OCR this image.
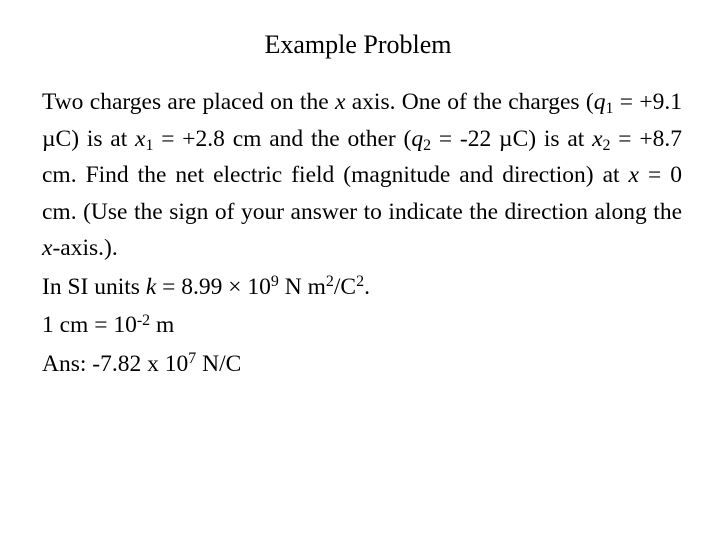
Example Problem

Two charges are placed on the x axis. One of the charges ($q_1 = +9.1$ µC) is at $x_1 = +2.8$ cm and the other ($q_2 = -22$ µC) is at $x_2 = +8.7$ cm. Find the net electric field (magnitude and direction) at x = 0 cm. (Use the sign of your answer to indicate the direction along the x-axis.).

In SI units $k = 8.99 \times 10^9$ N $m^2/C^2$.

1 cm = $10^{-2}$ m

Ans: -7.82 x $10^7$ N/C
